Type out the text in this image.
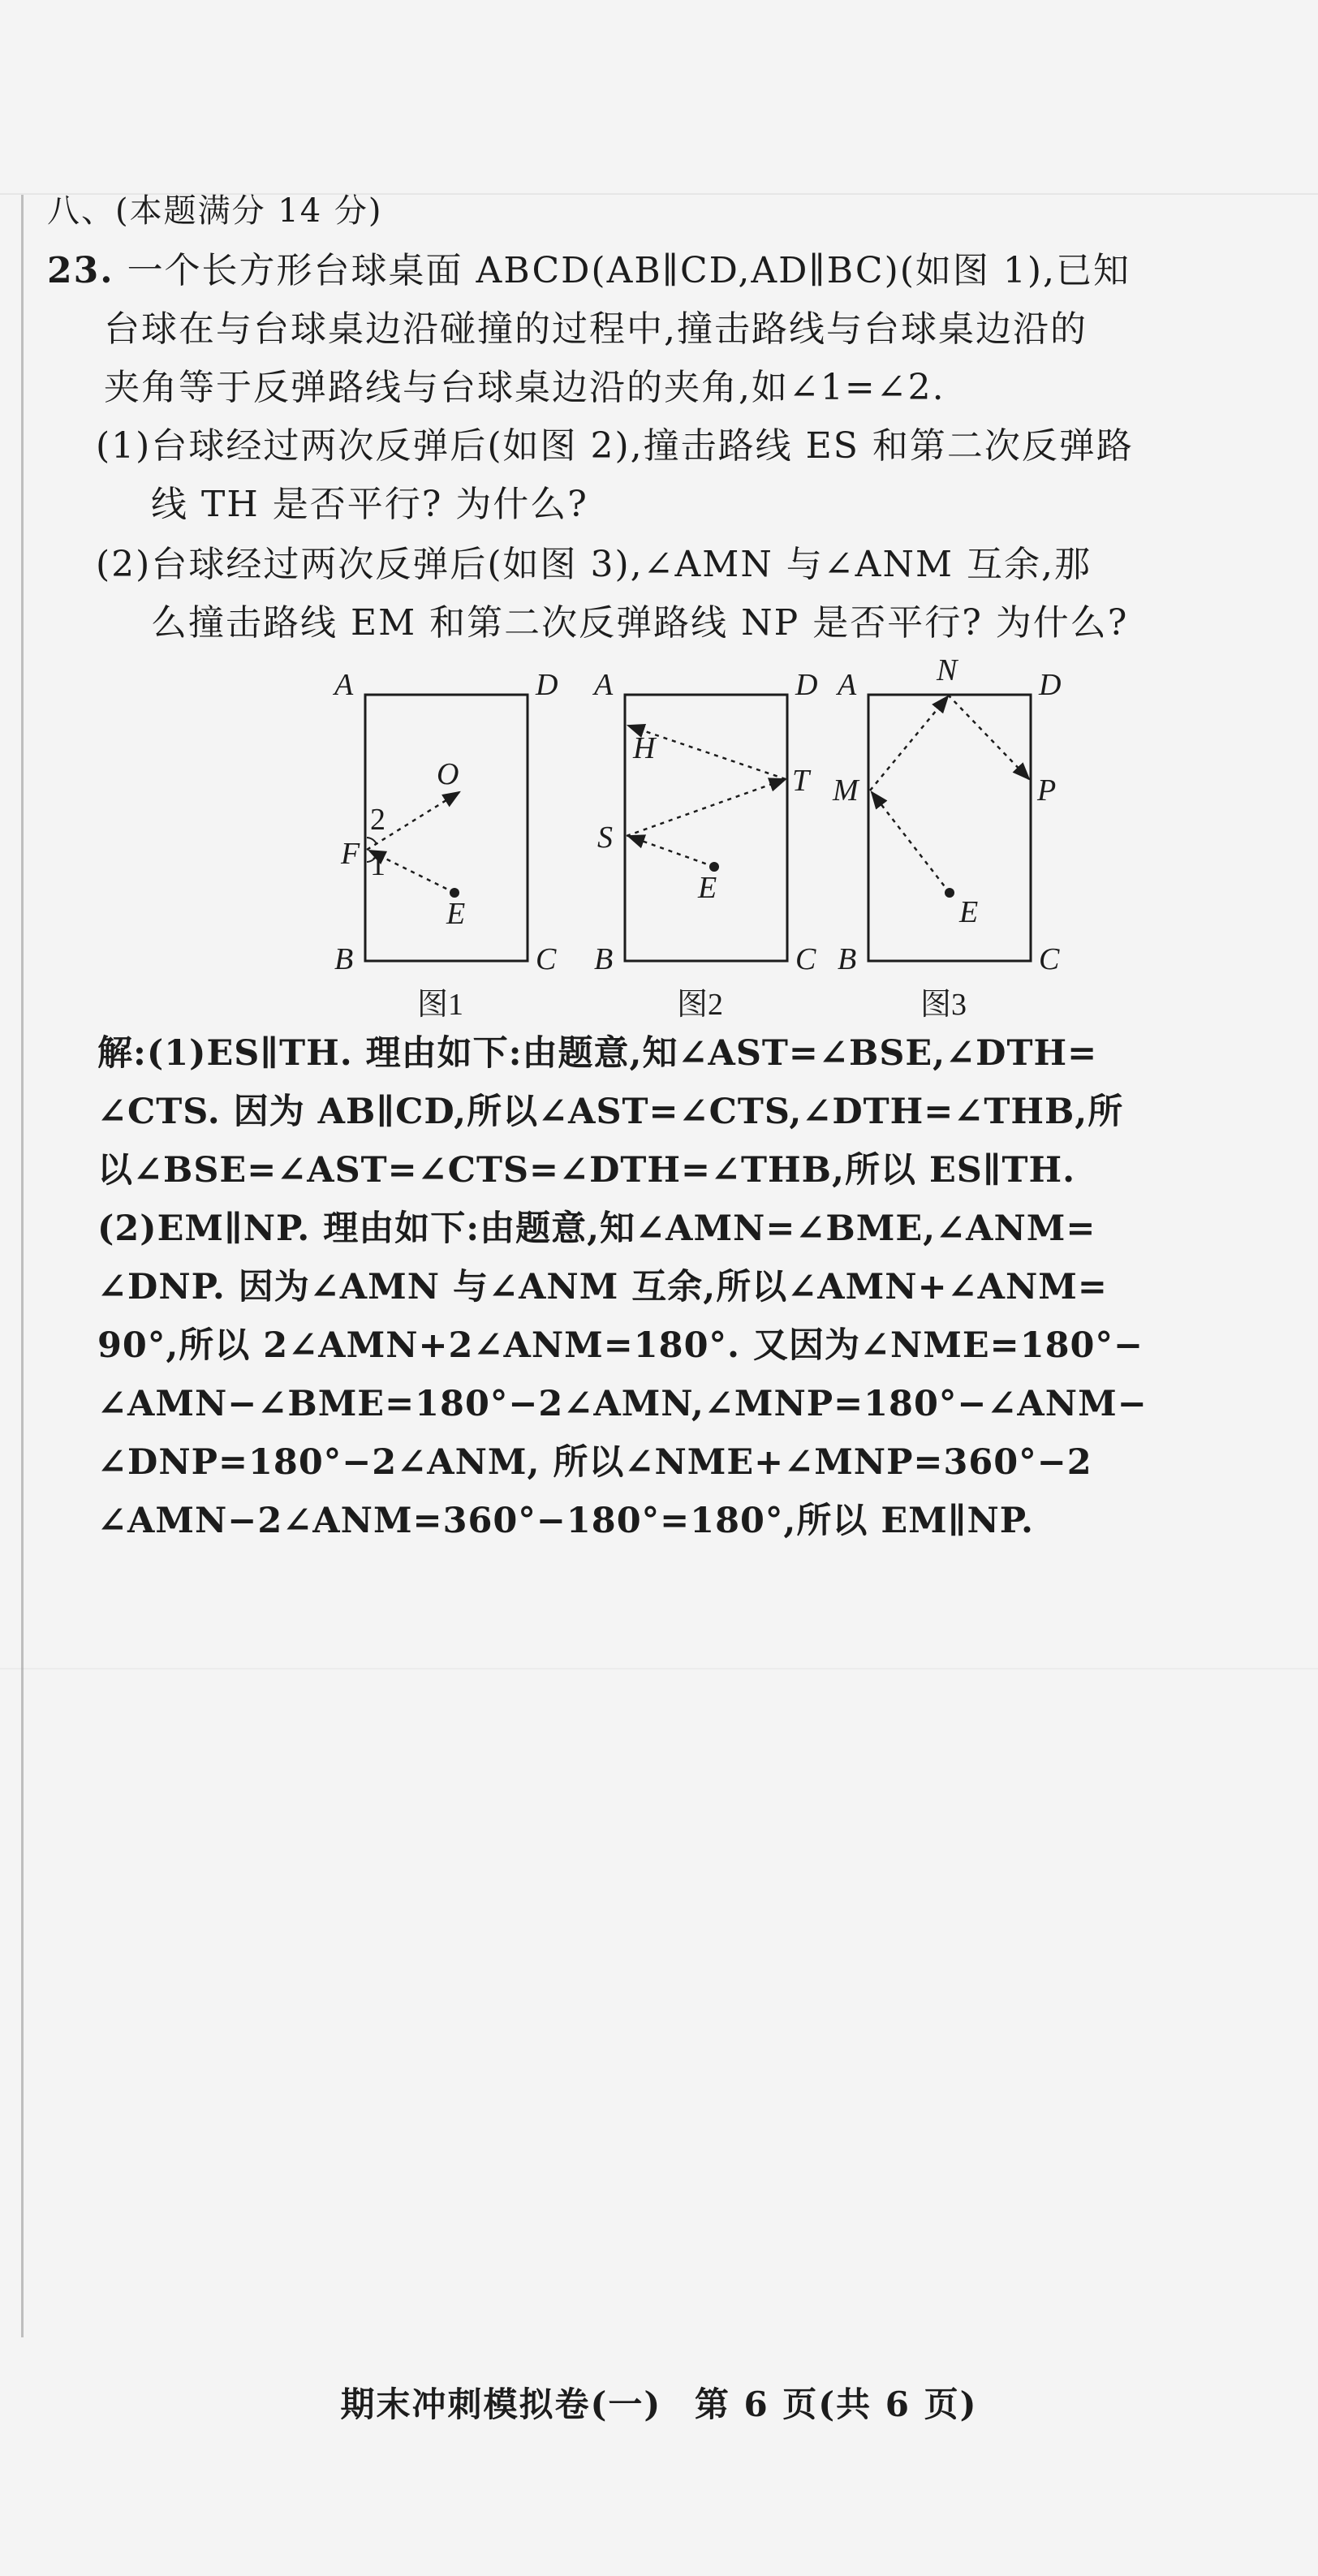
八、(本题满分 14 分)
23. 一个长方形台球桌面 ABCD(AB∥CD,AD∥BC)(如图 1),已知
台球在与台球桌边沿碰撞的过程中,撞击路线与台球桌边沿的
夹角等于反弹路线与台球桌边沿的夹角,如∠1=∠2.
(1)台球经过两次反弹后(如图 2),撞击路线 ES 和第二次反弹路
线 TH 是否平行? 为什么?
(2)台球经过两次反弹后(如图 3),∠AMN 与∠ANM 互余,那
么撞击路线 EM 和第二次反弹路线 NP 是否平行? 为什么?
A	D
B	C
F
O
E
1
2
图1
A	D
B	C
H
T
S
E
图2
A	D
B	C
N
M	P
E
图3
解:(1)ES∥TH. 理由如下:由题意,知∠AST=∠BSE,∠DTH=
∠CTS. 因为 AB∥CD,所以∠AST=∠CTS,∠DTH=∠THB,所
以∠BSE=∠AST=∠CTS=∠DTH=∠THB,所以 ES∥TH.
(2)EM∥NP. 理由如下:由题意,知∠AMN=∠BME,∠ANM=
∠DNP. 因为∠AMN 与∠ANM 互余,所以∠AMN+∠ANM=
90°,所以 2∠AMN+2∠ANM=180°. 又因为∠NME=180°−
∠AMN−∠BME=180°−2∠AMN,∠MNP=180°−∠ANM−
∠DNP=180°−2∠ANM, 所以∠NME+∠MNP=360°−2
∠AMN−2∠ANM=360°−180°=180°,所以 EM∥NP.
期末冲刺模拟卷(一) 第 6 页(共 6 页)
